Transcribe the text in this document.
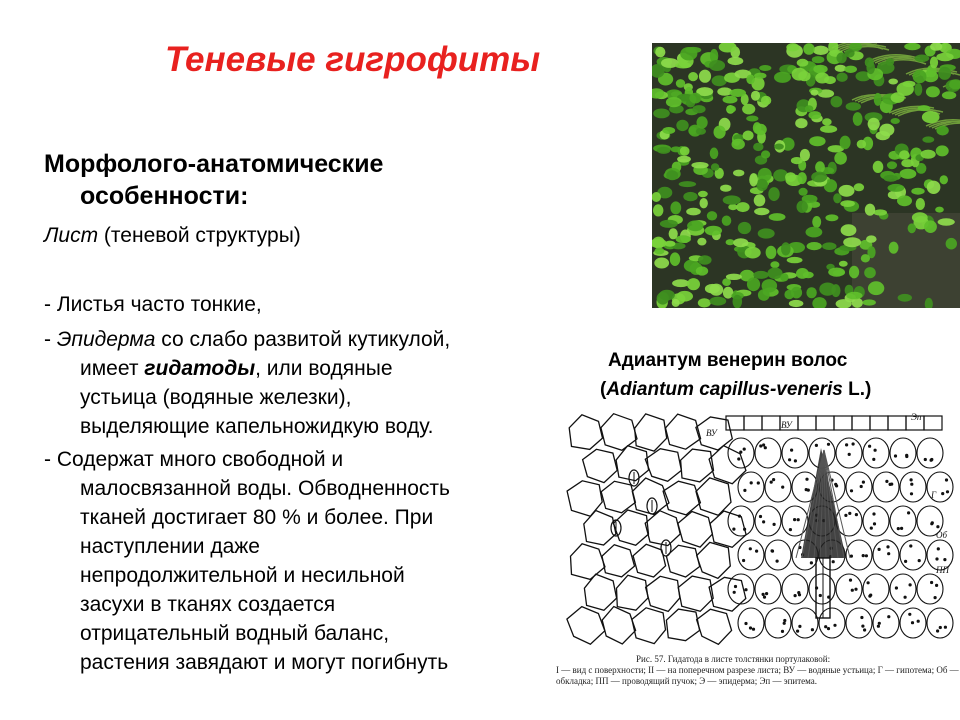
Теневые гигрофиты
Морфолого-анатомические
особенности:
Лист (теневой структуры)
- Листья часто тонкие,
- Эпидерма со слабо развитой кутикулой,
имеет гидатоды, или водяные
устьица (водяные железки),
выделяющие капельножидкую воду.
- Содержат много свободной и
малосвязанной воды. Обводненность
тканей достигает 80 % и более. При
наступлении даже
непродолжительной и несильной
засухи в тканях создается
отрицательный водный баланс,
растения завядают и могут погибнуть
Адиантум венерин волос
(Adiantum capillus-veneris L.)
ВУ
Эп
ВУ
Г
Об
ПП
Рис. 57. Гидатода в листе толстянки портулаковой:
I — вид с поверхности; II — на поперечном разрезе листа; ВУ — водяные устьица; Г — гипотема; Об — обкладка; ПП — проводящий пучок; Э — эпидерма; Эп — эпитема.
